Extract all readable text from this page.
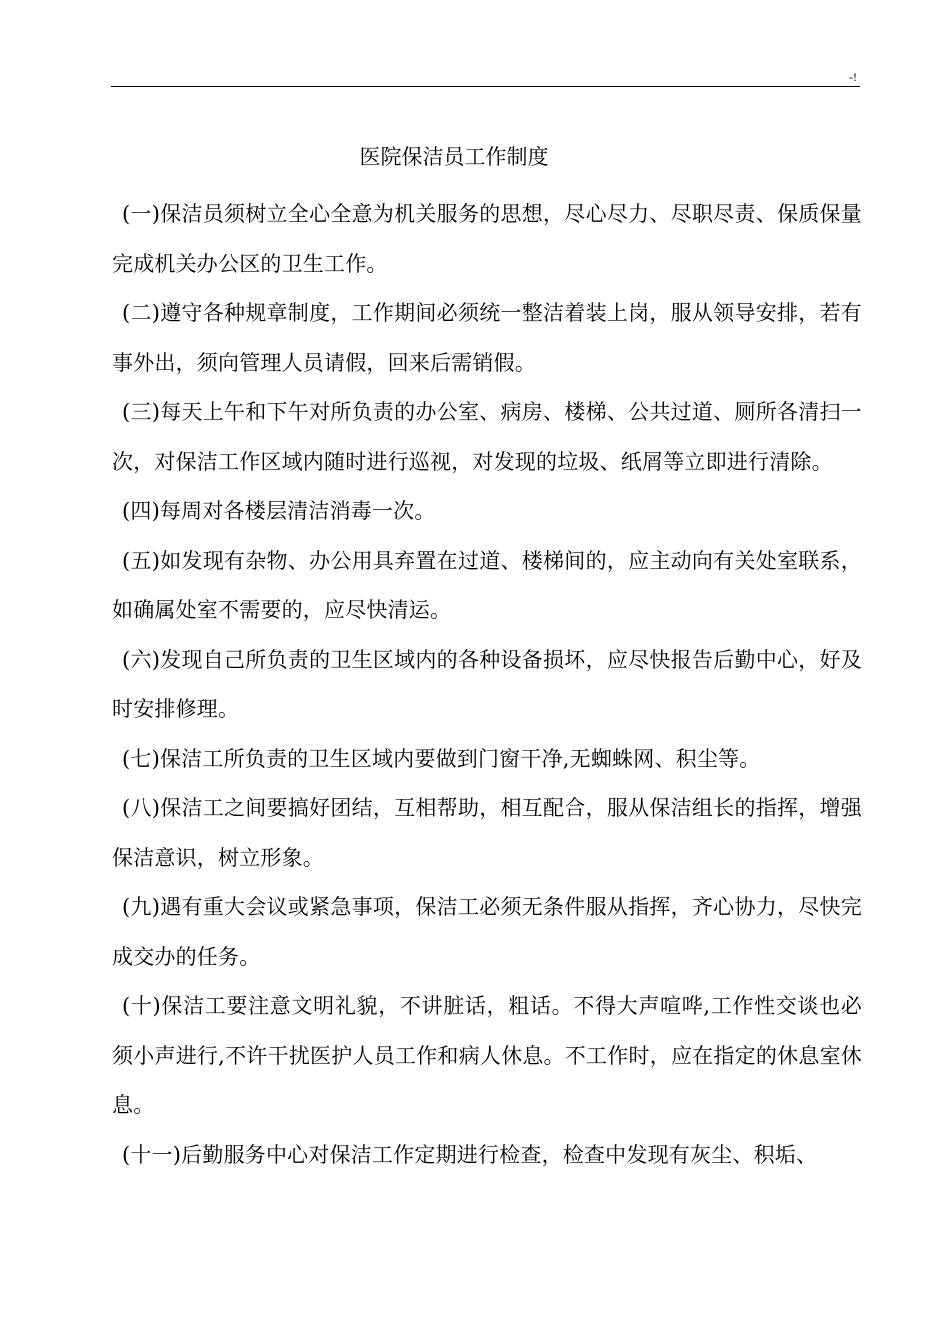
-!
医院保洁员工作制度

(一)保洁员须树立全心全意为机关服务的思想，尽心尽力、尽职尽责、保质保量完成机关办公区的卫生工作。

(二)遵守各种规章制度，工作期间必须统一整洁着装上岗，服从领导安排，若有事外出，须向管理人员请假，回来后需销假。

(三)每天上午和下午对所负责的办公室、病房、楼梯、公共过道、厕所各清扫一次，对保洁工作区域内随时进行巡视，对发现的垃圾、纸屑等立即进行清除。

(四)每周对各楼层清洁消毒一次。

(五)如发现有杂物、办公用具弃置在过道、楼梯间的，应主动向有关处室联系，如确属处室不需要的，应尽快清运。

(六)发现自己所负责的卫生区域内的各种设备损坏，应尽快报告后勤中心，好及时安排修理。

(七)保洁工所负责的卫生区域内要做到门窗干净,无蜘蛛网、积尘等。

(八)保洁工之间要搞好团结，互相帮助，相互配合，服从保洁组长的指挥，增强保洁意识，树立形象。

(九)遇有重大会议或紧急事项，保洁工必须无条件服从指挥，齐心协力，尽快完成交办的任务。

(十)保洁工要注意文明礼貌，不讲脏话，粗话。不得大声喧哗,工作性交谈也必须小声进行,不许干扰医护人员工作和病人休息。不工作时，应在指定的休息室休息。

(十一)后勤服务中心对保洁工作定期进行检查，检查中发现有灰尘、积垢、
